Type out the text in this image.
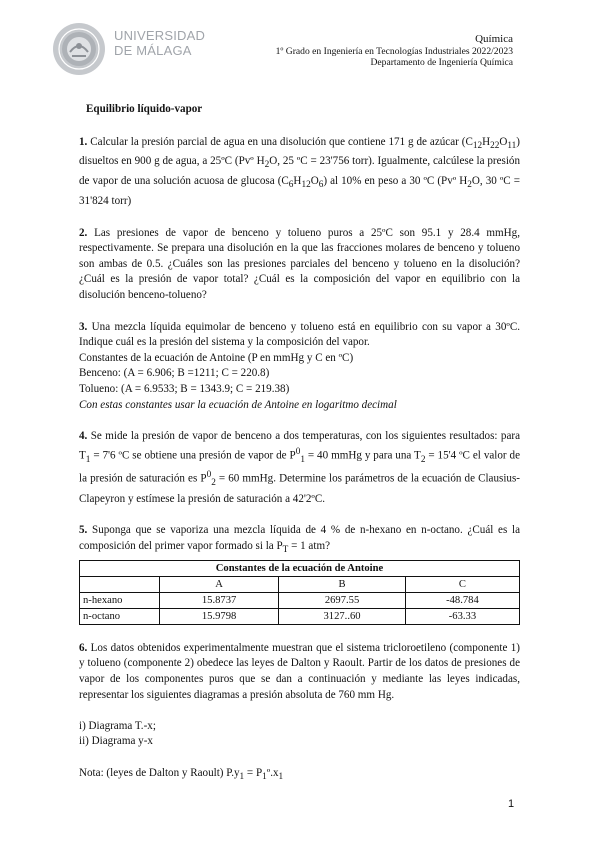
UNIVERSIDAD
DE MÁLAGA
Química
1º Grado en Ingeniería en Tecnologías Industriales 2022/2023
Departamento de Ingeniería Química
Equilibrio líquido-vapor

1. Calcular la presión parcial de agua en una disolución que contiene 171 g de azúcar $(C_{12}H_{22}O_{11})$ disueltos en 900 g de agua, a 25ºC (Pvº $H_2O$, 25 ºC = 23'756 torr). Igualmente, calcúlese la presión de vapor de una solución acuosa de glucosa $(C_6H_{12}O_6)$ al 10% en peso a 30 ºC (Pvº $H_2O$, 30 ºC = 31'824 torr)

2. Las presiones de vapor de benceno y tolueno puros a 25ºC son 95.1 y 28.4 mmHg, respectivamente. Se prepara una disolución en la que las fracciones molares de benceno y tolueno son ambas de 0.5. ¿Cuáles son las presiones parciales del benceno y tolueno en la disolución? ¿Cuál es la presión de vapor total? ¿Cuál es la composición del vapor en equilibrio con la disolución benceno-tolueno?

3. Una mezcla líquida equimolar de benceno y tolueno está en equilibrio con su vapor a 30ºC. Indique cuál es la presión del sistema y la composición del vapor.

Constantes de la ecuación de Antoine (P en mmHg y C en ºC)

Benceno: (A = 6.906; B =1211; C = 220.8)

Tolueno: (A = 6.9533; B = 1343.9; C = 219.38)

Con estas constantes usar la ecuación de Antoine en logaritmo decimal

4. Se mide la presión de vapor de benceno a dos temperaturas, con los siguientes resultados: para $T_1 = 7'6$ ºC se obtiene una presión de vapor de $P^0_1 = 40$ mmHg y para una $T_2 = 15'4$ ºC el valor de la presión de saturación es $P^0_2 = 60$ mmHg. Determine los parámetros de la ecuación de Clausius-Clapeyron y estímese la presión de saturación a 42'2ºC.

5. Suponga que se vaporiza una mezcla líquida de 4 % de n-hexano en n-octano. ¿Cuál es la composición del primer vapor formado si la $P_T = 1$ atm?

Constantes de la ecuación de Antoine			
	A	B	C
n-hexano	15.8737	2697.55	-48.784
n-octano	15.9798	3127..60	-63.33

6. Los datos obtenidos experimentalmente muestran que el sistema tricloroetileno (componente 1) y tolueno (componente 2) obedece las leyes de Dalton y Raoult. Partir de los datos de presiones de vapor de los componentes puros que se dan a continuación y mediante las leyes indicadas, representar los siguientes diagramas a presión absoluta de 760 mm Hg.

i) Diagrama T.-x;

ii) Diagrama y-x

Nota: (leyes de Dalton y Raoult) $P.y_1$ = $P_1º.x_1$

1
